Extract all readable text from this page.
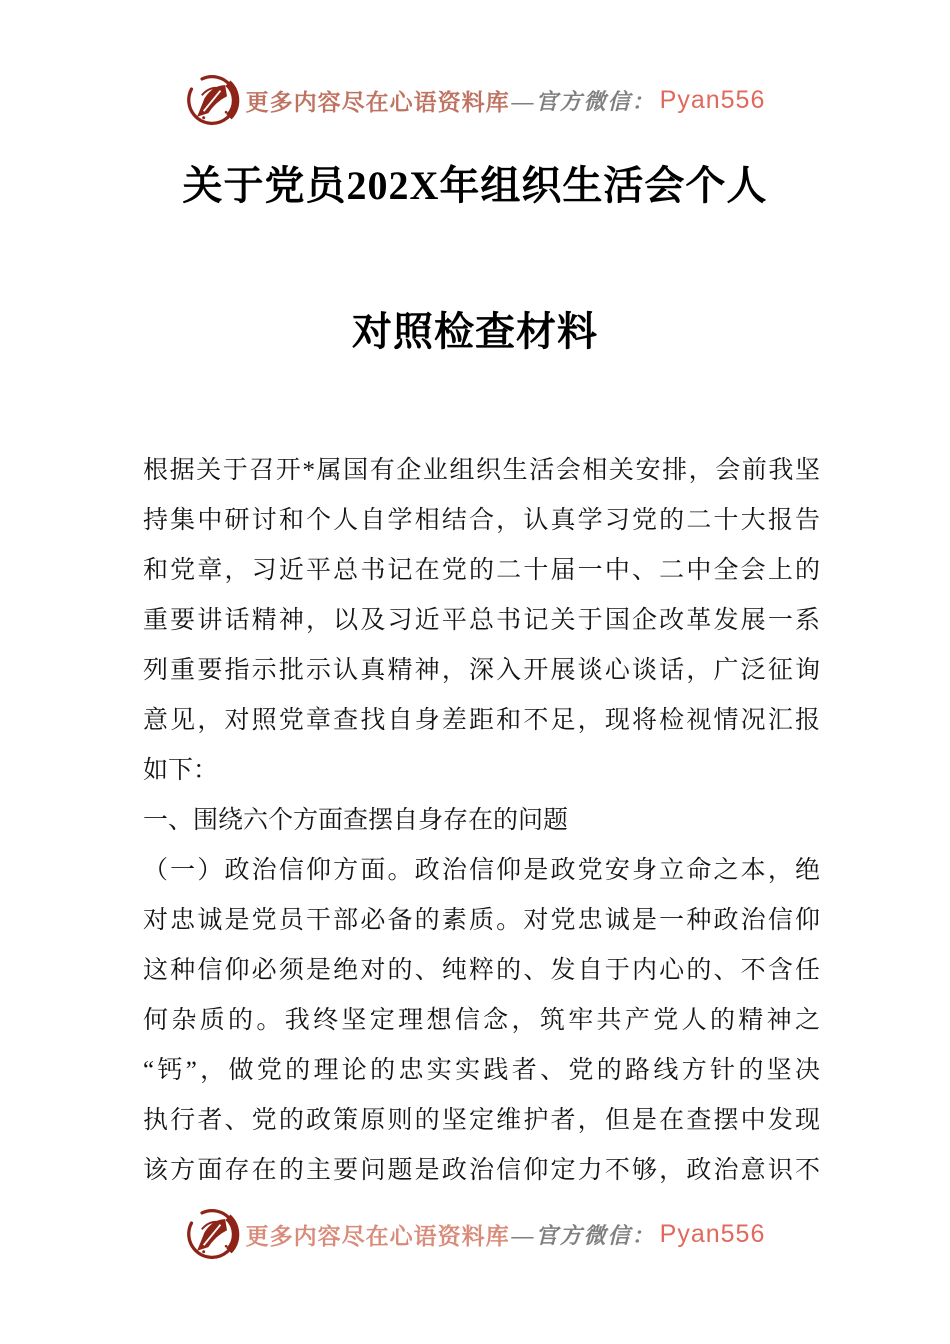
更多内容尽在心语资料库 —官方微信： Pyan556
关于党员202X年组织生活会个人
对照检查材料
根据关于召开*属国有企业组织生活会相关安排，会前我坚
持集中研讨和个人自学相结合，认真学习党的二十大报告
和党章，习近平总书记在党的二十届一中、二中全会上的
重要讲话精神，以及习近平总书记关于国企改革发展一系
列重要指示批示认真精神，深入开展谈心谈话，广泛征询
意见，对照党章查找自身差距和不足，现将检视情况汇报
如下：
一、围绕六个方面查摆自身存在的问题
（一）政治信仰方面。政治信仰是政党安身立命之本，绝
对忠诚是党员干部必备的素质。对党忠诚是一种政治信仰
这种信仰必须是绝对的、纯粹的、发自于内心的、不含任
何杂质的。我终坚定理想信念，筑牢共产党人的精神之
“钙”，做党的理论的忠实实践者、党的路线方针的坚决
执行者、党的政策原则的坚定维护者，但是在查摆中发现
该方面存在的主要问题是政治信仰定力不够，政治意识不
更多内容尽在心语资料库 —官方微信： Pyan556
